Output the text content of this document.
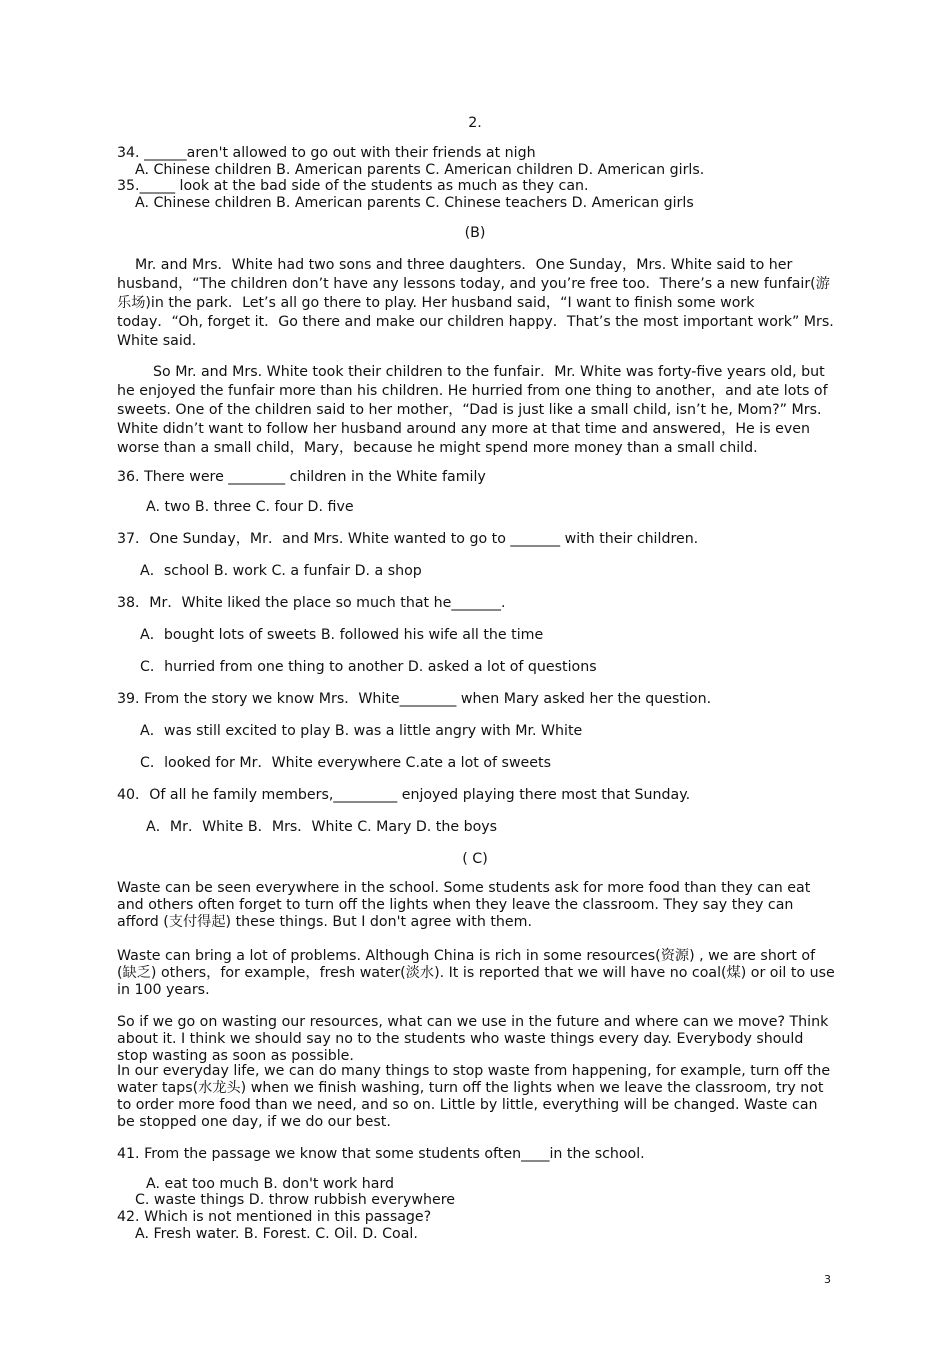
2.
34. ______aren't allowed to go out with their friends at nigh
A. Chinese children B. American parents C. American children D. American girls.
35._____ look at the bad side of the students as much as they can.
A. Chinese children B. American parents C. Chinese teachers D. American girls
(B)
Mr. and Mrs．White had two sons and three daughters．One Sunday，Mrs. White said to her husband，“The children don’t have any lessons today, and you’re free too．There’s a new funfair(游乐场)in the park．Let’s all go there to play. Her husband said，“I want to finish some work today．“Oh, forget it．Go there and make our children happy．That’s the most important work” Mrs. White said.
So Mr. and Mrs. White took their children to the funfair．Mr. White was forty-five years old, but he enjoyed the funfair more than his children. He hurried from one thing to another，and ate lots of sweets. One of the children said to her mother，“Dad is just like a small child, isn’t he, Mom?” Mrs. White didn’t want to follow her husband around any more at that time and answered，He is even worse than a small child，Mary，because he might spend more money than a small child.
36. There were ________ children in the White family
A. two B. three C. four D. five
37．One Sunday，Mr．and Mrs. White wanted to go to _______ with their children.
A．school B. work C. a funfair D. a shop
38．Mr．White liked the place so much that he_______.
A．bought lots of sweets B. followed his wife all the time
C．hurried from one thing to another D. asked a lot of questions
39. From the story we know Mrs．White________ when Mary asked her the question.
A．was still excited to play B. was a little angry with Mr. White
C．looked for Mr．White everywhere C.ate a lot of sweets
40．Of all he family members,_________ enjoyed playing there most that Sunday.
A．Mr．White B．Mrs．White C. Mary D. the boys
( C)
Waste can be seen everywhere in the school. Some students ask for more food than they can eat and others often forget to turn off the lights when they leave the classroom. They say they can afford (支付得起) these things. But I don't agree with them.
Waste can bring a lot of problems. Although China is rich in some resources(资源) , we are short of (缺乏) others，for example，fresh water(淡水). It is reported that we will have no coal(煤) or oil to use in 100 years.
So if we go on wasting our resources, what can we use in the future and where can we move? Think about it. I think we should say no to the students who waste things every day. Everybody should stop wasting as soon as possible.
In our everyday life, we can do many things to stop waste from happening, for example, turn off the water taps(水龙头) when we finish washing, turn off the lights when we leave the classroom, try not to order more food than we need, and so on. Little by little, everything will be changed. Waste can be stopped one day, if we do our best.
41. From the passage we know that some students often____in the school.
A. eat too much B. don't work hard
C. waste things D. throw rubbish everywhere
42. Which is not mentioned in this passage?
A. Fresh water. B. Forest. C. Oil. D. Coal.
3
